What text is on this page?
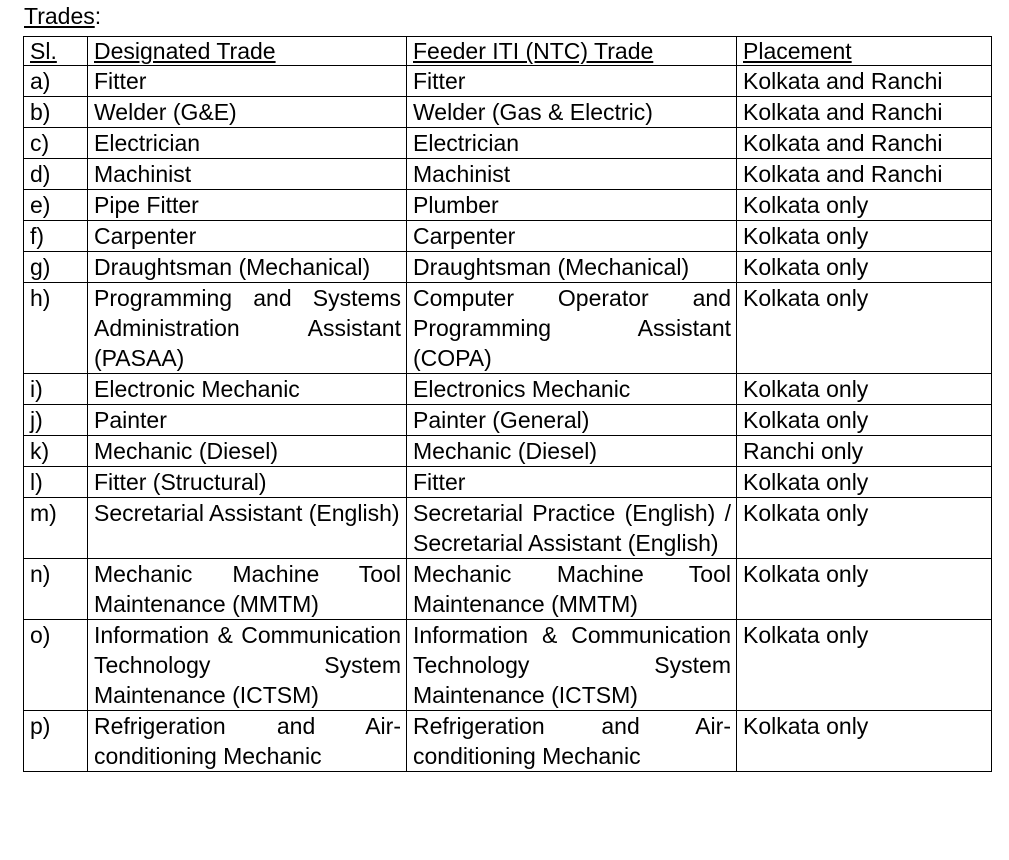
Trades:
Sl.	Designated Trade	Feeder ITI (NTC) Trade	Placement
a)	Fitter	Fitter	Kolkata and Ranchi
b)	Welder (G&E)	Welder (Gas & Electric)	Kolkata and Ranchi
c)	Electrician	Electrician	Kolkata and Ranchi
d)	Machinist	Machinist	Kolkata and Ranchi
e)	Pipe Fitter	Plumber	Kolkata only
f)	Carpenter	Carpenter	Kolkata only
g)	Draughtsman (Mechanical)	Draughtsman (Mechanical)	Kolkata only
h)	Programming and Systems Administration Assistant (PASAA)	Computer Operator and Programming Assistant (COPA)	Kolkata only
i)	Electronic Mechanic	Electronics Mechanic	Kolkata only
j)	Painter	Painter (General)	Kolkata only
k)	Mechanic (Diesel)	Mechanic (Diesel)	Ranchi only
l)	Fitter (Structural)	Fitter	Kolkata only
m)	Secretarial Assistant (English)	Secretarial Practice (English) / Secretarial Assistant (English)	Kolkata only
n)	Mechanic Machine Tool Maintenance (MMTM)	Mechanic Machine Tool Maintenance (MMTM)	Kolkata only
o)	Information & Communication Technology System Maintenance (ICTSM)	Information & Communication Technology System Maintenance (ICTSM)	Kolkata only
p)	Refrigeration and Air-conditioning Mechanic	Refrigeration and Air-conditioning Mechanic	Kolkata only
